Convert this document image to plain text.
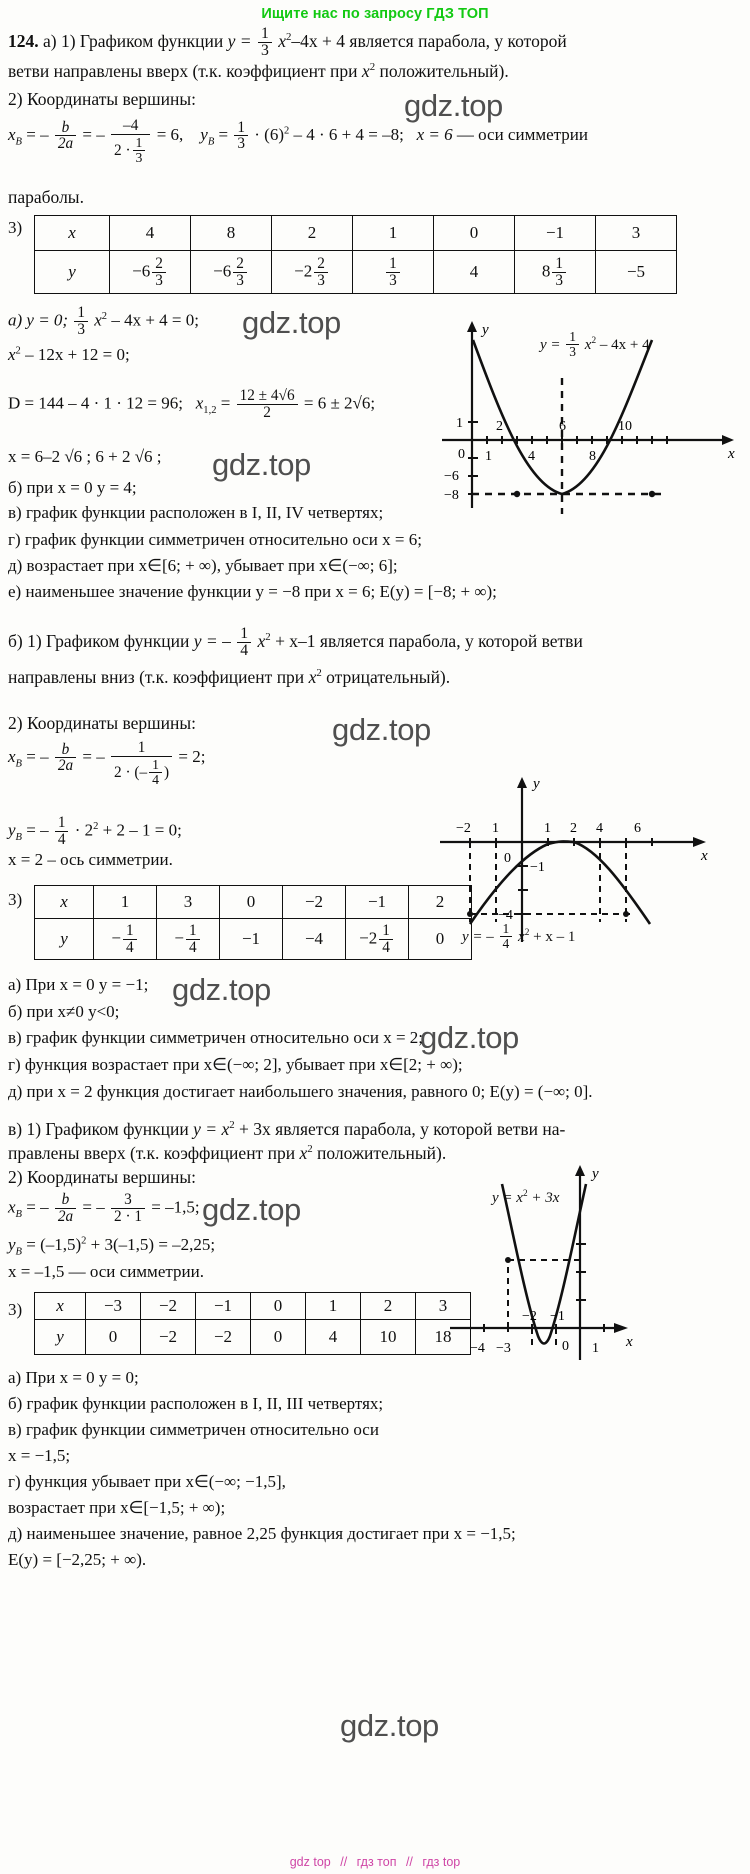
Ищите нас по запросу ГДЗ ТОП
124. а) 1) Графиком функции $y = \frac{1}{3} x^2-4x + 4$ является парабола, у которой
ветви направлены вверх (т.к. коэффициент при $x^2$ положительный).
2) Координаты вершины:
$x_B$ = – $\frac{b}{2a}$ = – $\frac{-4}{2 \cdot \frac{1}{3}} = 6$, $y_B = \frac{1}{3} \cdot (6)^2 - 4 \cdot 6 + 4 = -8$; x = 6 — оси симметрии
параболы.
3)	x	4	8	2	1	0	−1	3
y	$-6 \frac{2}{3}$	$-6 \frac{2}{3}$	$-2 \frac{2}{3}$	$\frac{1}{3}$	4	$8 \frac{1}{3}$	−5
а) y = 0; $\frac{1}{3} x^2 - 4x + 4 = 0$;
$x^2 - 12x + 12 = 0$;
D = 144 – 4 · 1 · 12 = 96; $x_{1,2} = \frac{12 \pm 4√6}{2} = 6 \pm 2√6$;
x = 6–2 √6 ; 6 + 2 √6 ;
б) при x = 0 y = 4;
в) график функции расположен в I, II, IV четвертях;
г) график функции симметричен относительно оси x = 6;
д) возрастает при x∈[6; + ∞), убывает при x∈(−∞; 6];
е) наименьшее значение функции y = −8 при x = 6; E(y) = [−8; + ∞);
y
x
0
1
−6
−8
2	6	10
1	4	8
$y = \frac{1}{3} x^2 - 4x + 4$
б) 1) Графиком функции y = – $\frac{1}{4} x^2 + x-1$ является парабола, у которой ветви
направлены вниз (т.к. коэффициент при $x^2$ отрицательный).
2) Координаты вершины:
$x_B$ = – $\frac{b}{2a}$ = – $\frac{1}{2 \cdot (- \frac{1}{4} )} = 2$;
$y_B$ = – $\frac{1}{4} \cdot 2^2 + 2 - 1 = 0$;
x = 2 – ось симметрии.
3) x	1	3	0	−2	−1	2
y	− $\frac{1}{4}$	− $\frac{1}{4}$	−1	−4	$-2 \frac{1}{4}$	0
а) При x = 0 y = −1;
б) при x≠0 y<0;
в) график функции симметричен относительно оси x = 2;
г) функция возрастает при x∈(−∞; 2], убывает при x∈[2; + ∞);
д) при x = 2 функция достигает наибольшего значения, равного 0; E(y) = (−∞; 0].
y
x
0
−2 1	1 2 4 6
−1
−4
y = – $\frac{1}{4} x^2 + x - 1$
в) 1) Графиком функции $y = x^2 + 3x$ является парабола, у которой ветви на-
правлены вверх (т.к. коэффициент при $x^2$ положительный).
2) Координаты вершины:
$x_B$ = – $\frac{b}{2a}$ = – $\frac{3}{2 \cdot 1} = -1,5$;
$y_B = (-1,5)^2 + 3(-1,5) = -2,25$;
x = –1,5 — оси симметрии.
3) x	−3	−2	−1	0	1	2	3
y	0	−2	−2	0	4	10	18
а) При x = 0 y = 0;
б) график функции расположен в I, II, III четвертях;
в) график функции симметричен относительно оси
x = −1,5;
г) функция убывает при x∈(−∞; −1,5],
возрастает при x∈[−1,5; + ∞);
д) наименьшее значение, равное 2,25 функция достигает при x = −1,5;
E(y) = [−2,25; + ∞).
y
x
0
−2 −1
−4 −3	1
$y = x^2 + 3x$
gdz top // гдз топ // гдз top
gdz.top
gdz.top
gdz.top
gdz.top
gdz.top
gdz.top
gdz.top
gdz.top
